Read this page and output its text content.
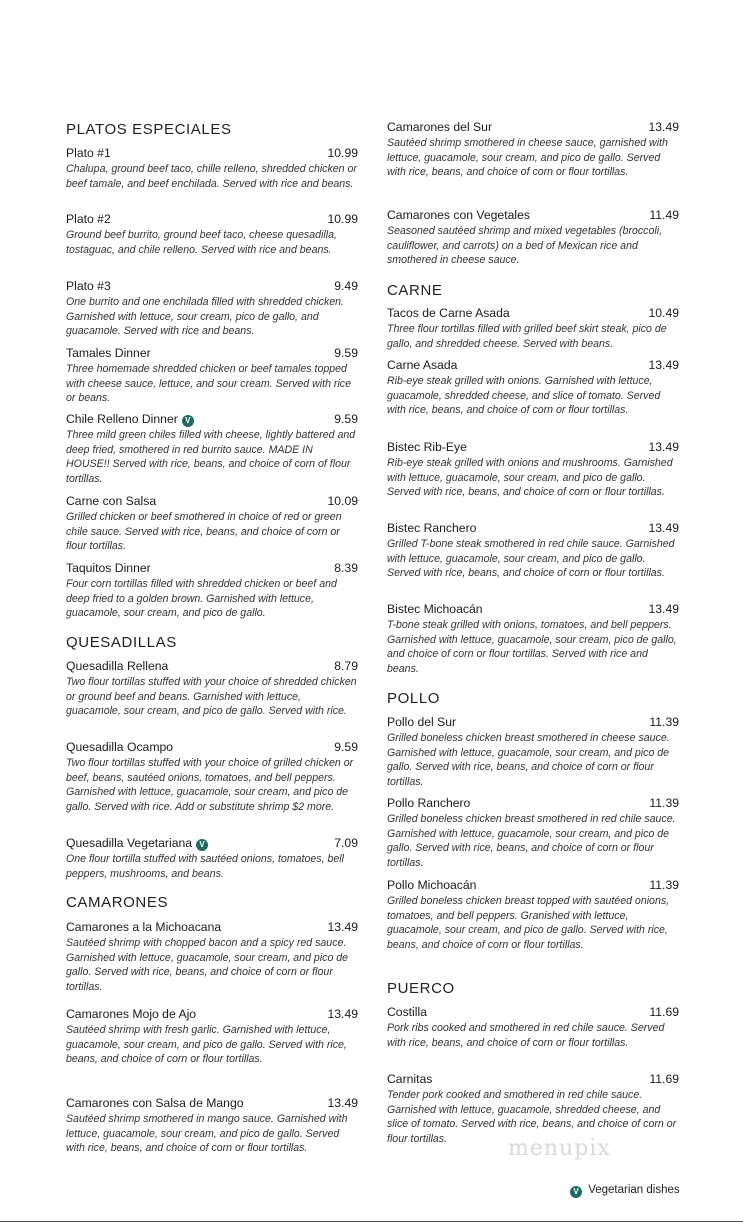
PLATOS ESPECIALES
Plato #1	10.99
Chalupa, ground beef taco, chille relleno, shredded chicken or beef tamale, and beef enchilada. Served with rice and beans.
Plato #2	10.99
Ground beef burrito, ground beef taco, cheese quesadilla, tostaguac, and chile relleno. Served with rice and beans.
Plato #3	9.49
One burrito and one enchilada filled with shredded chicken. Garnished with lettuce, sour cream, pico de gallo, and guacamole. Served with rice and beans.
Tamales Dinner	9.59
Three homemade shredded chicken or beef tamales topped with cheese sauce, lettuce, and sour cream. Served with rice or beans.
Chile Relleno Dinner V	9.59
Three mild green chiles filled with cheese, lightly battered and deep fried, smothered in red burrito sauce. MADE IN HOUSE!! Served with rice, beans, and choice of corn of flour tortillas.
Carne con Salsa	10.09
Grilled chicken or beef smothered in choice of red or green chile sauce. Served with rice, beans, and choice of corn or flour tortillas.
Taquitos Dinner	8.39
Four corn tortillas filled with shredded chicken or beef and deep fried to a golden brown. Garnished with lettuce, guacamole, sour cream, and pico de gallo.
QUESADILLAS
Quesadilla Rellena	8.79
Two flour tortillas stuffed with your choice of shredded chicken or ground beef and beans. Garnished with lettuce, guacamole, sour cream, and pico de gallo. Served with rice.
Quesadilla Ocampo	9.59
Two flour tortillas stuffed with your choice of grilled chicken or beef, beans, sautéed onions, tomatoes, and bell peppers. Garnished with lettuce, guacamole, sour cream, and pico de gallo. Served with rice. Add or substitute shrimp $2 more.
Quesadilla Vegetariana V	7.09
One flour tortilla stuffed with sautéed onions, tomatoes, bell peppers, mushrooms, and beans.
CAMARONES
Camarones a la Michoacana	13.49
Sautéed shrimp with chopped bacon and a spicy red sauce. Garnished with lettuce, guacamole, sour cream, and pico de gallo. Served with rice, beans, and choice of corn or flour tortillas.
Camarones Mojo de Ajo	13.49
Sautéed shrimp with fresh garlic. Garnished with lettuce, guacamole, sour cream, and pico de gallo. Served with rice, beans, and choice of corn or flour tortillas.
Camarones con Salsa de Mango	13.49
Sautéed shrimp smothered in mango sauce. Garnished with lettuce, guacamole, sour cream, and pico de gallo. Served with rice, beans, and choice of corn or flour tortillas.
Camarones del Sur	13.49
Sautéed shrimp smothered in cheese sauce, garnished with lettuce, guacamole, sour cream, and pico de gallo. Served with rice, beans, and choice of corn or flour tortillas.
Camarones con Vegetales	11.49
Seasoned sautéed shrimp and mixed vegetables (broccoli, cauliflower, and carrots) on a bed of Mexican rice and smothered in cheese sauce.
CARNE
Tacos de Carne Asada	10.49
Three flour tortillas filled with grilled beef skirt steak, pico de gallo, and shredded cheese. Served with beans.
Carne Asada	13.49
Rib-eye steak grilled with onions. Garnished with lettuce, guacamole, shredded cheese, and slice of tomato. Served with rice, beans, and choice of corn or flour tortillas.
Bistec Rib-Eye	13.49
Rib-eye steak grilled with onions and mushrooms. Garnished with lettuce, guacamole, sour cream, and pico de gallo. Served with rice, beans, and choice of corn or flour tortillas.
Bistec Ranchero	13.49
Grilled T-bone steak smothered in red chile sauce. Garnished with lettuce, guacamole, sour cream, and pico de gallo. Served with rice, beans, and choice of corn or flour tortillas.
Bistec Michoacán	13.49
T-bone steak grilled with onions, tomatoes, and bell peppers. Garnished with lettuce, guacamole, sour cream, pico de gallo, and choice of corn or flour tortillas. Served with rice and beans.
POLLO
Pollo del Sur	11.39
Grilled boneless chicken breast smothered in cheese sauce. Garnished with lettuce, guacamole, sour cream, and pico de gallo. Served with rice, beans, and choice of corn or flour tortillas.
Pollo Ranchero	11.39
Grilled boneless chicken breast smothered in red chile sauce. Garnished with lettuce, guacamole, sour cream, and pico de gallo. Served with rice, beans, and choice of corn or flour tortillas.
Pollo Michoacán	11.39
Grilled boneless chicken breast topped with sautéed onions, tomatoes, and bell peppers. Granished with lettuce, guacamole, sour cream, and pico de gallo. Served with rice, beans, and choice of corn or flour tortillas.
PUERCO
Costilla	11.69
Pork ribs cooked and smothered in red chile sauce. Served with rice, beans, and choice of corn or flour tortillas.
Carnitas	11.69
Tender pork cooked and smothered in red chile sauce. Garnished with lettuce, guacamole, shredded cheese, and slice of tomato. Served with rice, beans, and choice of corn or flour tortillas.	menupix
V Vegetarian dishes
